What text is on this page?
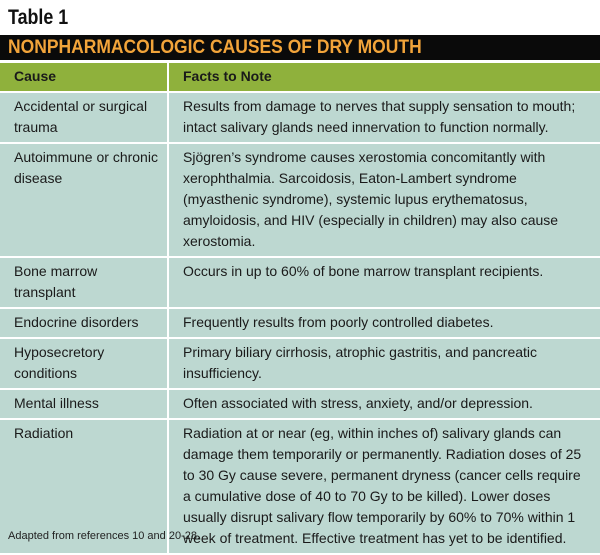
Table 1
NONPHARMACOLOGIC CAUSES OF DRY MOUTH
Cause	Facts to Note
Accidental or surgical trauma	Results from damage to nerves that supply sensation to mouth; intact salivary glands need innervation to function normally.
Autoimmune or chronic disease	Sjögren’s syndrome causes xerostomia concomitantly with xerophthalmia. Sarcoidosis, Eaton-Lambert syndrome (myasthenic syndrome), systemic lupus erythematosus, amyloidosis, and HIV (especially in children) may also cause xerostomia.
Bone marrow transplant	Occurs in up to 60% of bone marrow transplant recipients.
Endocrine disorders	Frequently results from poorly controlled diabetes.
Hyposecretory conditions	Primary biliary cirrhosis, atrophic gastritis, and pancreatic insufficiency.
Mental illness	Often associated with stress, anxiety, and/or depression.
Radiation	Radiation at or near (eg, within inches of) salivary glands can damage them temporarily or permanently. Radiation doses of 25 to 30 Gy cause severe, permanent dryness (cancer cells require a cumulative dose of 40 to 70 Gy to be killed). Lower doses usually disrupt salivary flow temporarily by 60% to 70% within 1 week of treatment. Effective treatment has yet to be identified.
Adapted from references 10 and 20-28.
